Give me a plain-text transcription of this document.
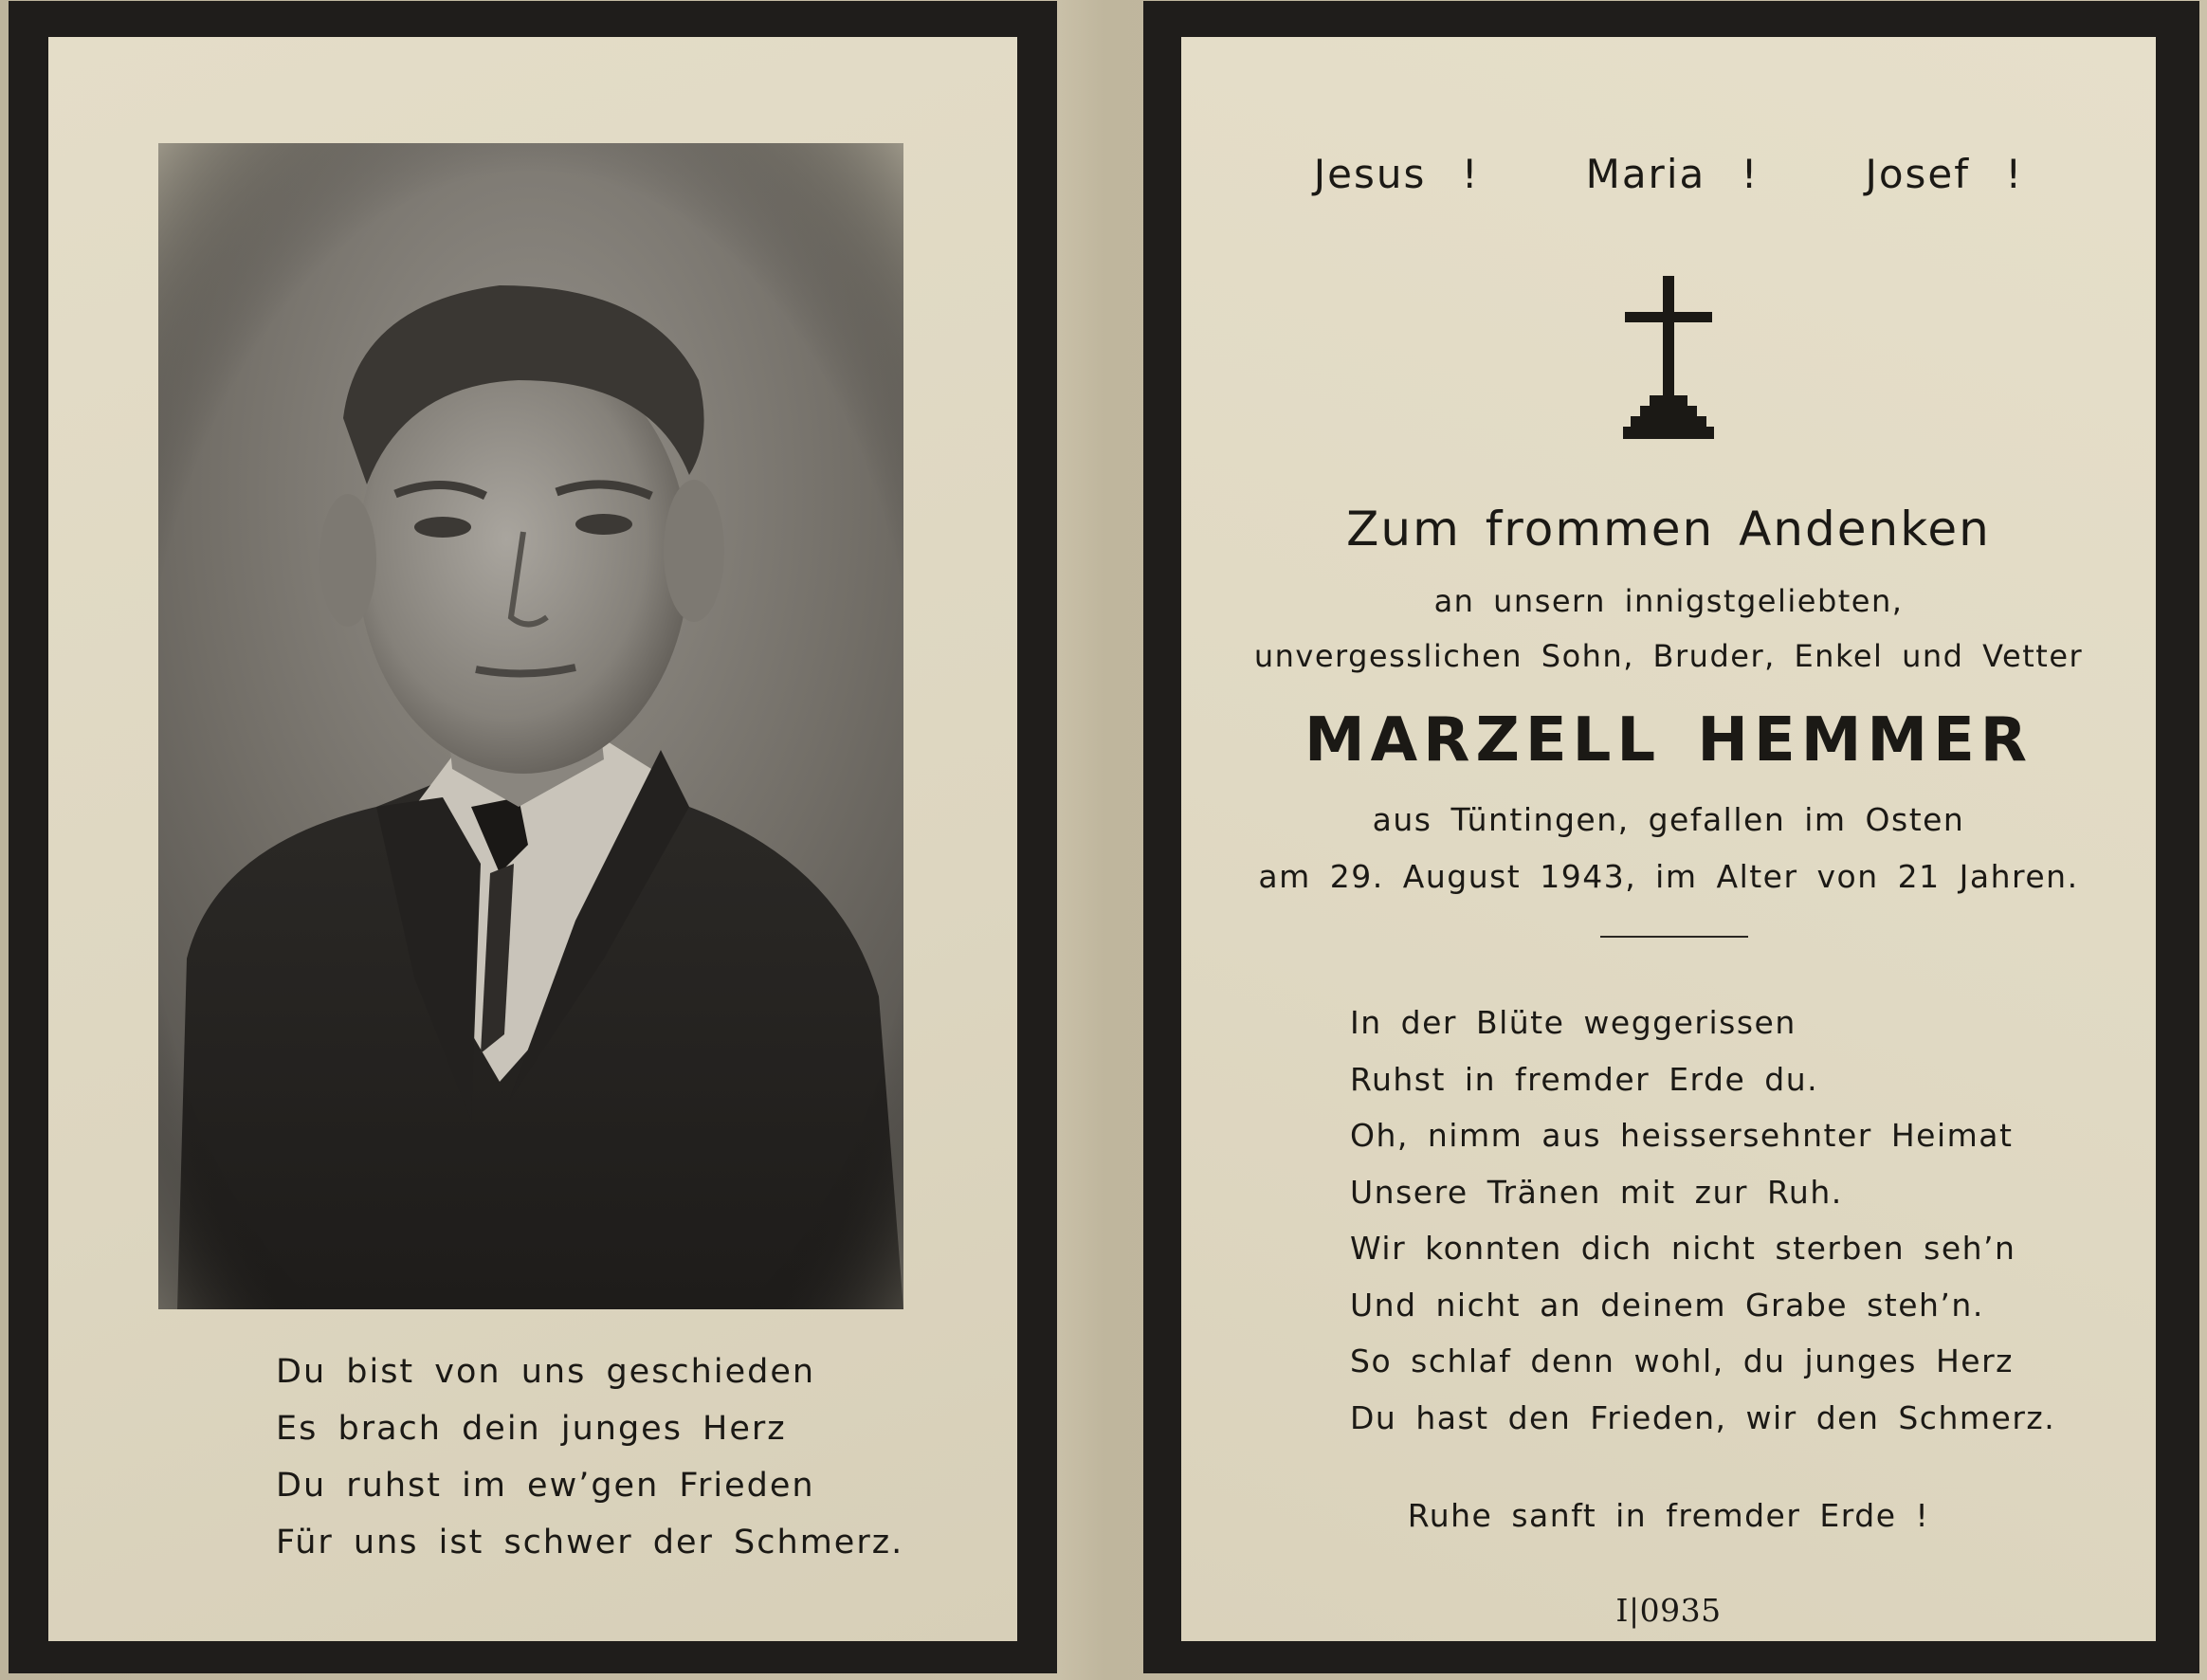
Du bist von uns geschieden
Es brach dein junges Herz
Du ruhst im ew’gen Frieden
Für uns ist schwer der Schmerz.
Jesus !   Maria !   Josef !
Zum frommen Andenken
an unsern innigstgeliebten,
unvergesslichen Sohn, Bruder, Enkel und Vetter
MARZELL HEMMER
aus Tüntingen, gefallen im Osten
am 29. August 1943, im Alter von 21 Jahren.
In der Blüte weggerissen
Ruhst in fremder Erde du.
Oh, nimm aus heissersehnter Heimat
Unsere Tränen mit zur Ruh.
Wir konnten dich nicht sterben seh’n
Und nicht an deinem Grabe steh’n.
So schlaf denn wohl, du junges Herz
Du hast den Frieden, wir den Schmerz.
Ruhe sanft in fremder Erde !
I|0935
